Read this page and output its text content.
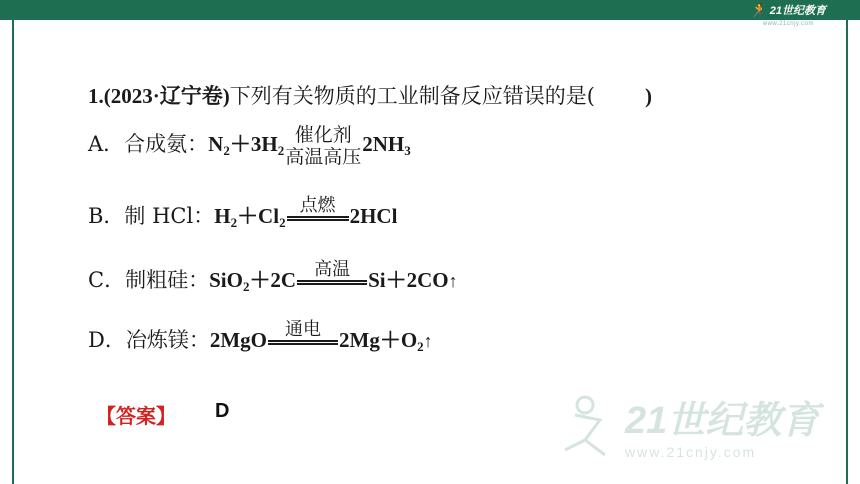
🏃 21世纪教育
www.21cnjy.com
1.(2023·辽宁卷)下列有关物质的工业制备反应错误的是( )
A．合成氨：$N_2+3H_2$
催化剂
高温高压
$2NH_3$
B．制 HCl：$H_2+Cl_2$
点燃 2HCl
C．制粗硅：SiO$_2$＋2C 高温 Si＋2CO↑
D．冶炼镁：2MgO 通电 $2Mg+O_2↑$
【答案】 D	21世纪教育
www.21cnjy.com
